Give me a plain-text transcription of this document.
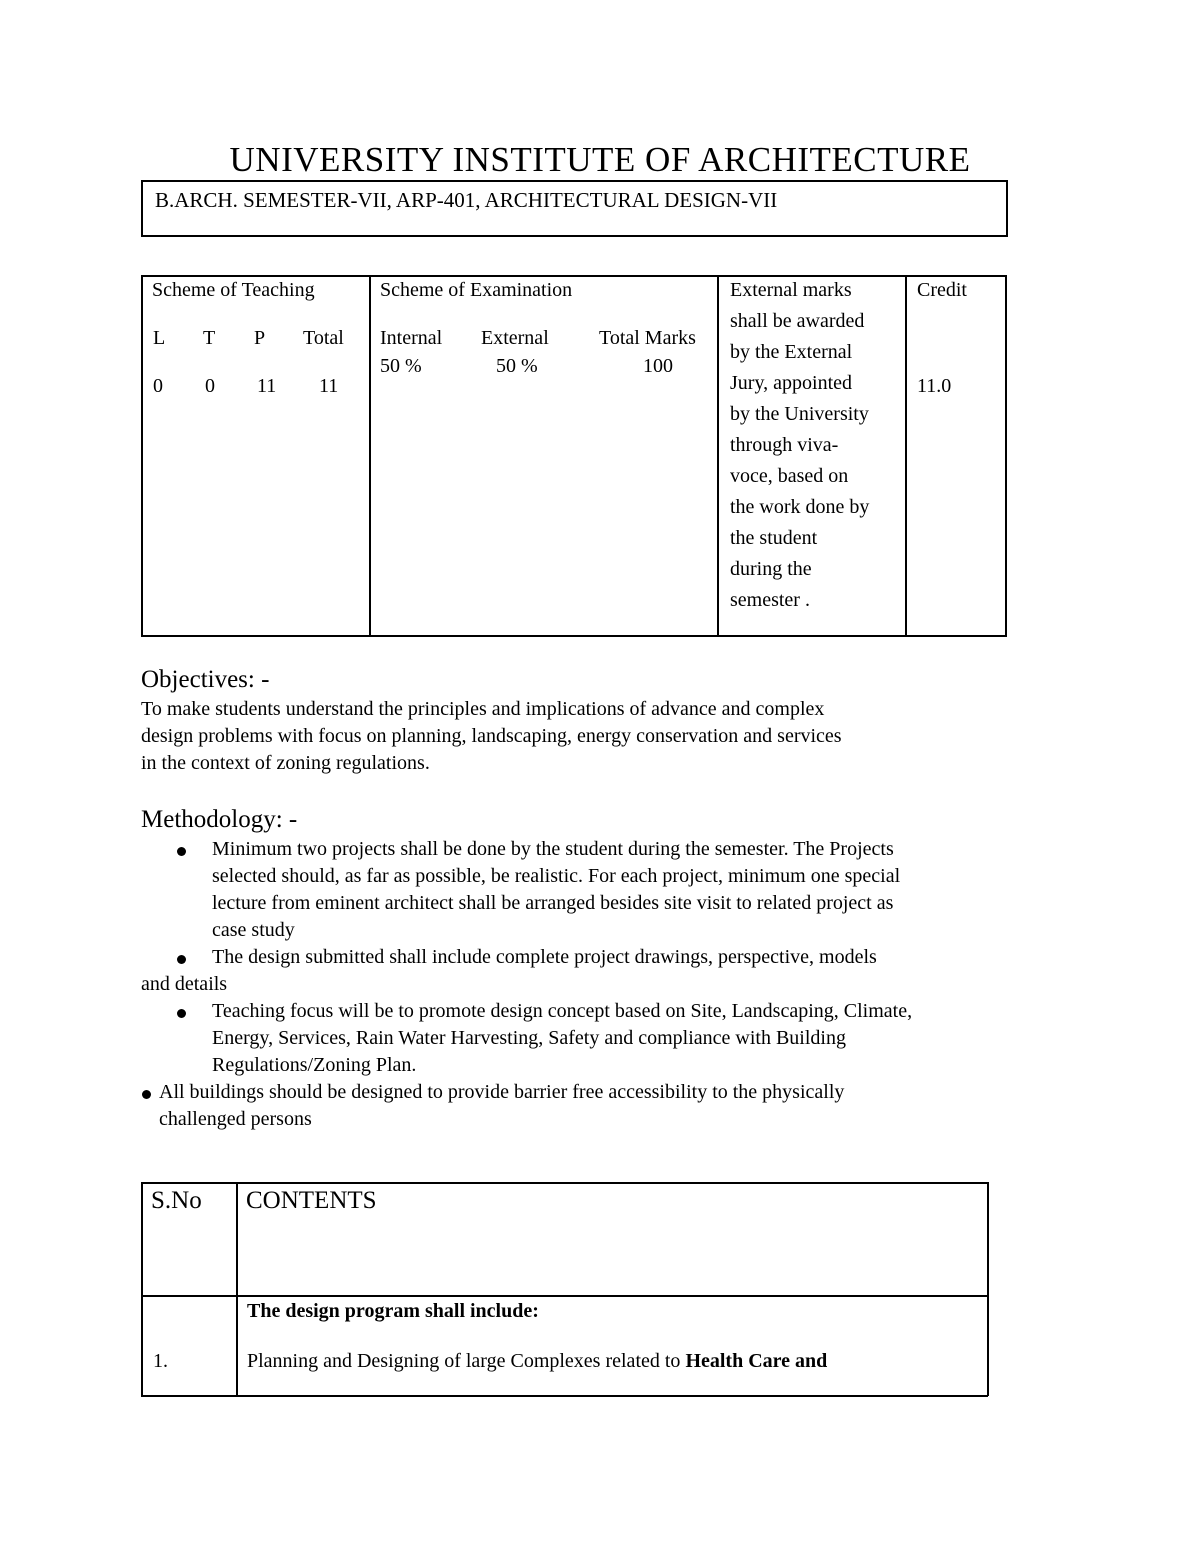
UNIVERSITY INSTITUTE OF ARCHITECTURE
B.ARCH. SEMESTER-VII, ARP-401, ARCHITECTURAL DESIGN-VII
Scheme of Teaching
L T P Total
0 0 11 11
Scheme of Examination
Internal External	Total Marks
50 %	50 %	100
External marks
shall be awarded
by the External
Jury, appointed
by the University
through viva-
voce, based on
the work done by
the student
during the
semester .
Credit
11.0
Objectives: -
To make students understand the principles and implications of advance and complex
design problems with focus on planning, landscaping, energy conservation and services
in the context of zoning regulations.
Methodology: -
Minimum two projects shall be done by the student during the semester. The Projects
selected should, as far as possible, be realistic. For each project, minimum one special
lecture from eminent architect shall be arranged besides site visit to related project as
case study
The design submitted shall include complete project drawings, perspective, models
and details
Teaching focus will be to promote design concept based on Site, Landscaping, Climate,
Energy, Services, Rain Water Harvesting, Safety and compliance with Building
Regulations/Zoning Plan.
All buildings should be designed to provide barrier free accessibility to the physically
challenged persons
S.No CONTENTS
The design program shall include:
1.	Planning and Designing of large Complexes related to Health Care and
